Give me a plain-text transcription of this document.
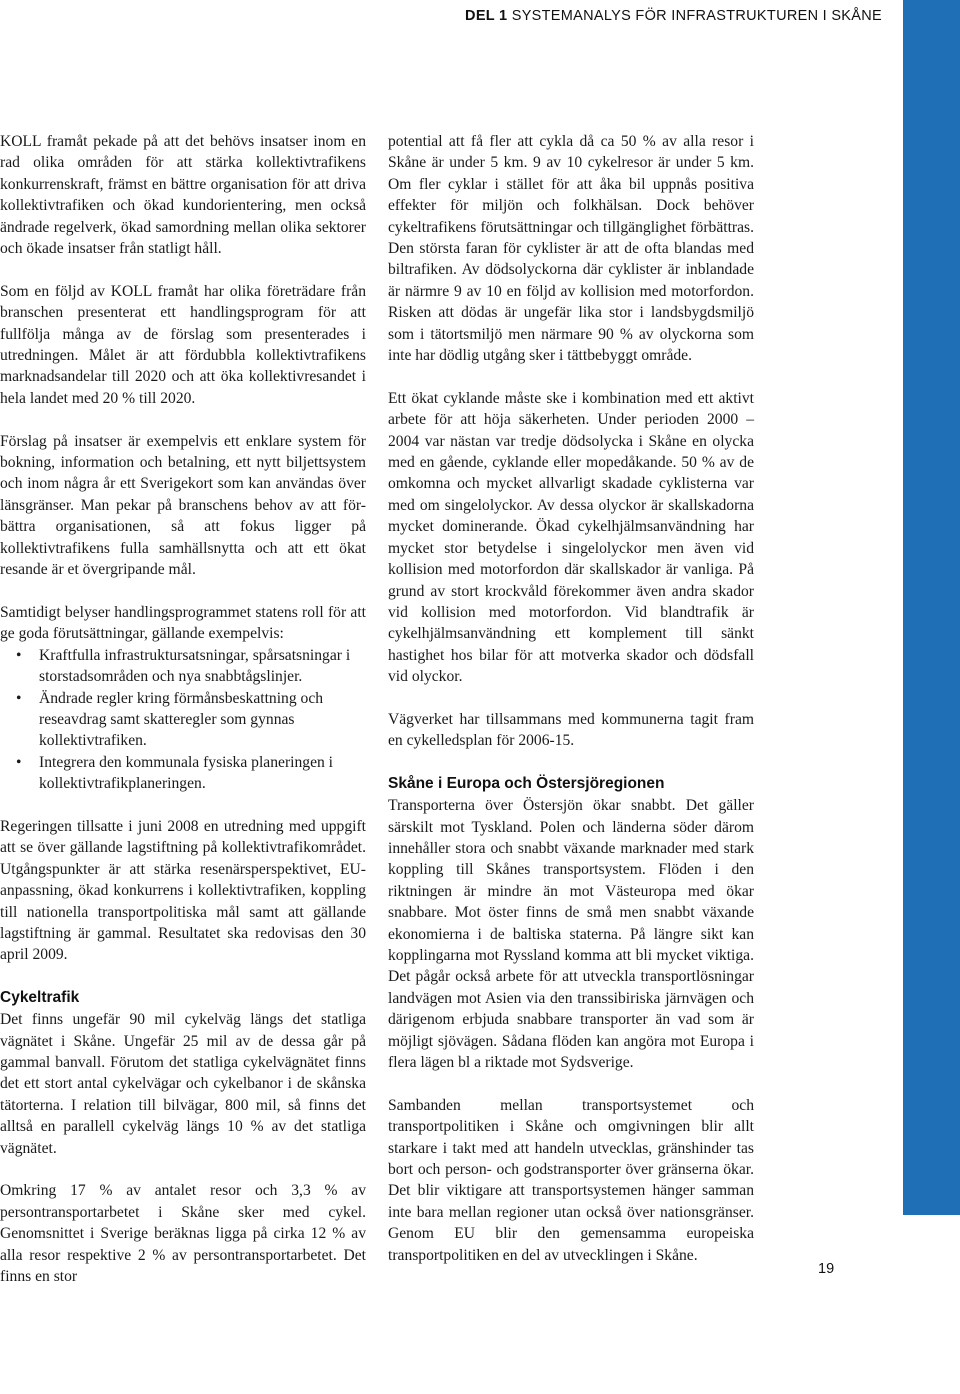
DEL 1 SYSTEMANALYS FÖR INFRASTRUKTUREN I SKÅNE

KOLL framåt pekade på att det behövs insatser inom en rad olika områden för att stärka kollektivtrafikens konkurrenskraft, främst en bättre organisation för att driva kollektivtrafiken och ökad kundorientering, men också ändrade regelverk, ökad samordning mellan olika sektorer och ökade insatser från statligt håll.

Som en följd av KOLL framåt har olika företrädare från branschen presenterat ett handlingsprogram för att fullfölja många av de förslag som presenterades i utredningen. Målet är att fördubbla kollektivtrafikens marknadsandelar till 2020 och att öka kollektivresandet i hela landet med 20 % till 2020.

Förslag på insatser är exempelvis ett enklare system för bokning, information och betalning, ett nytt biljettsystem och inom några år ett Sverigekort som kan användas över länsgränser. Man pekar på branschens behov av att för-bättra organisationen, så att fokus ligger på kollektivtrafikens fulla samhällsnytta och att ett ökat resande är et övergripande mål.

Samtidigt belyser handlingsprogrammet statens roll för att ge goda förutsättningar, gällande exempelvis:

• Kraftfulla infrastruktursatsningar, spårsatsningar i storstadsområden och nya snabbtågslinjer.
• Ändrade regler kring förmånsbeskattning och reseavdrag samt skatteregler som gynnas kollektivtrafiken.
• Integrera den kommunala fysiska planeringen i kollektivtrafikplaneringen.

Regeringen tillsatte i juni 2008 en utredning med uppgift att se över gällande lagstiftning på kollektivtrafikområdet. Utgångspunkter är att stärka resenärsperspektivet, EU-anpassning, ökad konkurrens i kollektivtrafiken, koppling till nationella transportpolitiska mål samt att gällande lagstiftning är gammal. Resultatet ska redovisas den 30 april 2009.

Cykeltrafik

Det finns ungefär 90 mil cykelväg längs det statliga vägnätet i Skåne. Ungefär 25 mil av de dessa går på gammal banvall. Förutom det statliga cykelvägnätet finns det ett stort antal cykelvägar och cykelbanor i de skånska tätorterna. I relation till bilvägar, 800 mil, så finns det alltså en parallell cykelväg längs 10 % av det statliga vägnätet.

Omkring 17 % av antalet resor och 3,3 % av persontransportarbetet i Skåne sker med cykel. Genomsnittet i Sverige beräknas ligga på cirka 12 % av alla resor respektive 2 % av persontransportarbetet. Det finns en stor

potential att få fler att cykla då ca 50 % av alla resor i Skåne är under 5 km. 9 av 10 cykelresor är under 5 km. Om fler cyklar i stället för att åka bil uppnås positiva effekter för miljön och folkhälsan. Dock behöver cykeltrafikens förutsättningar och tillgänglighet förbättras. Den största faran för cyklister är att de ofta blandas med biltrafiken. Av dödsolyckorna där cyklister är inblandade är närmre 9 av 10 en följd av kollision med motorfordon. Risken att dödas är ungefär lika stor i landsbygdsmiljö som i tätortsmiljö men närmare 90 % av olyckorna som inte har dödlig utgång sker i tättbebyggt område.

Ett ökat cyklande måste ske i kombination med ett aktivt arbete för att höja säkerheten. Under perioden 2000 – 2004 var nästan var tredje dödsolycka i Skåne en olycka med en gående, cyklande eller mopedåkande. 50 % av de omkomna och mycket allvarligt skadade cyklisterna var med om singelolyckor. Av dessa olyckor är skallskadorna mycket dominerande. Ökad cykelhjälmsanvändning har mycket stor betydelse i singelolyckor men även vid kollision med motorfordon där skallskador är vanliga. På grund av stort krockvåld förekommer även andra skador vid kollision med motorfordon. Vid blandtrafik är cykelhjälmsanvändning ett komplement till sänkt hastighet hos bilar för att motverka skador och dödsfall vid olyckor.

Vägverket har tillsammans med kommunerna tagit fram en cykelledsplan för 2006-15.

Skåne i Europa och Östersjöregionen

Transporterna över Östersjön ökar snabbt. Det gäller särskilt mot Tyskland. Polen och länderna söder därom innehåller stora och snabbt växande marknader med stark koppling till Skånes transportsystem. Flöden i den riktningen är mindre än mot Västeuropa med ökar snabbare. Mot öster finns de små men snabbt växande ekonomierna i de baltiska staterna. På längre sikt kan kopplingarna mot Ryssland komma att bli mycket viktiga. Det pågår också arbete för att utveckla transportlösningar landvägen mot Asien via den transsibiriska järnvägen och därigenom erbjuda snabbare transporter än vad som är möjligt sjövägen. Sådana flöden kan angöra mot Europa i flera lägen bl a riktade mot Sydsverige.

Sambanden mellan transportsystemet och transportpolitiken i Skåne och omgivningen blir allt starkare i takt med att handeln utvecklas, gränshinder tas bort och person- och godstransporter över gränserna ökar. Det blir viktigare att transportsystemen hänger samman inte bara mellan regioner utan också över nationsgränser. Genom EU blir den gemensamma europeiska transportpolitiken en del av utvecklingen i Skåne.

19
